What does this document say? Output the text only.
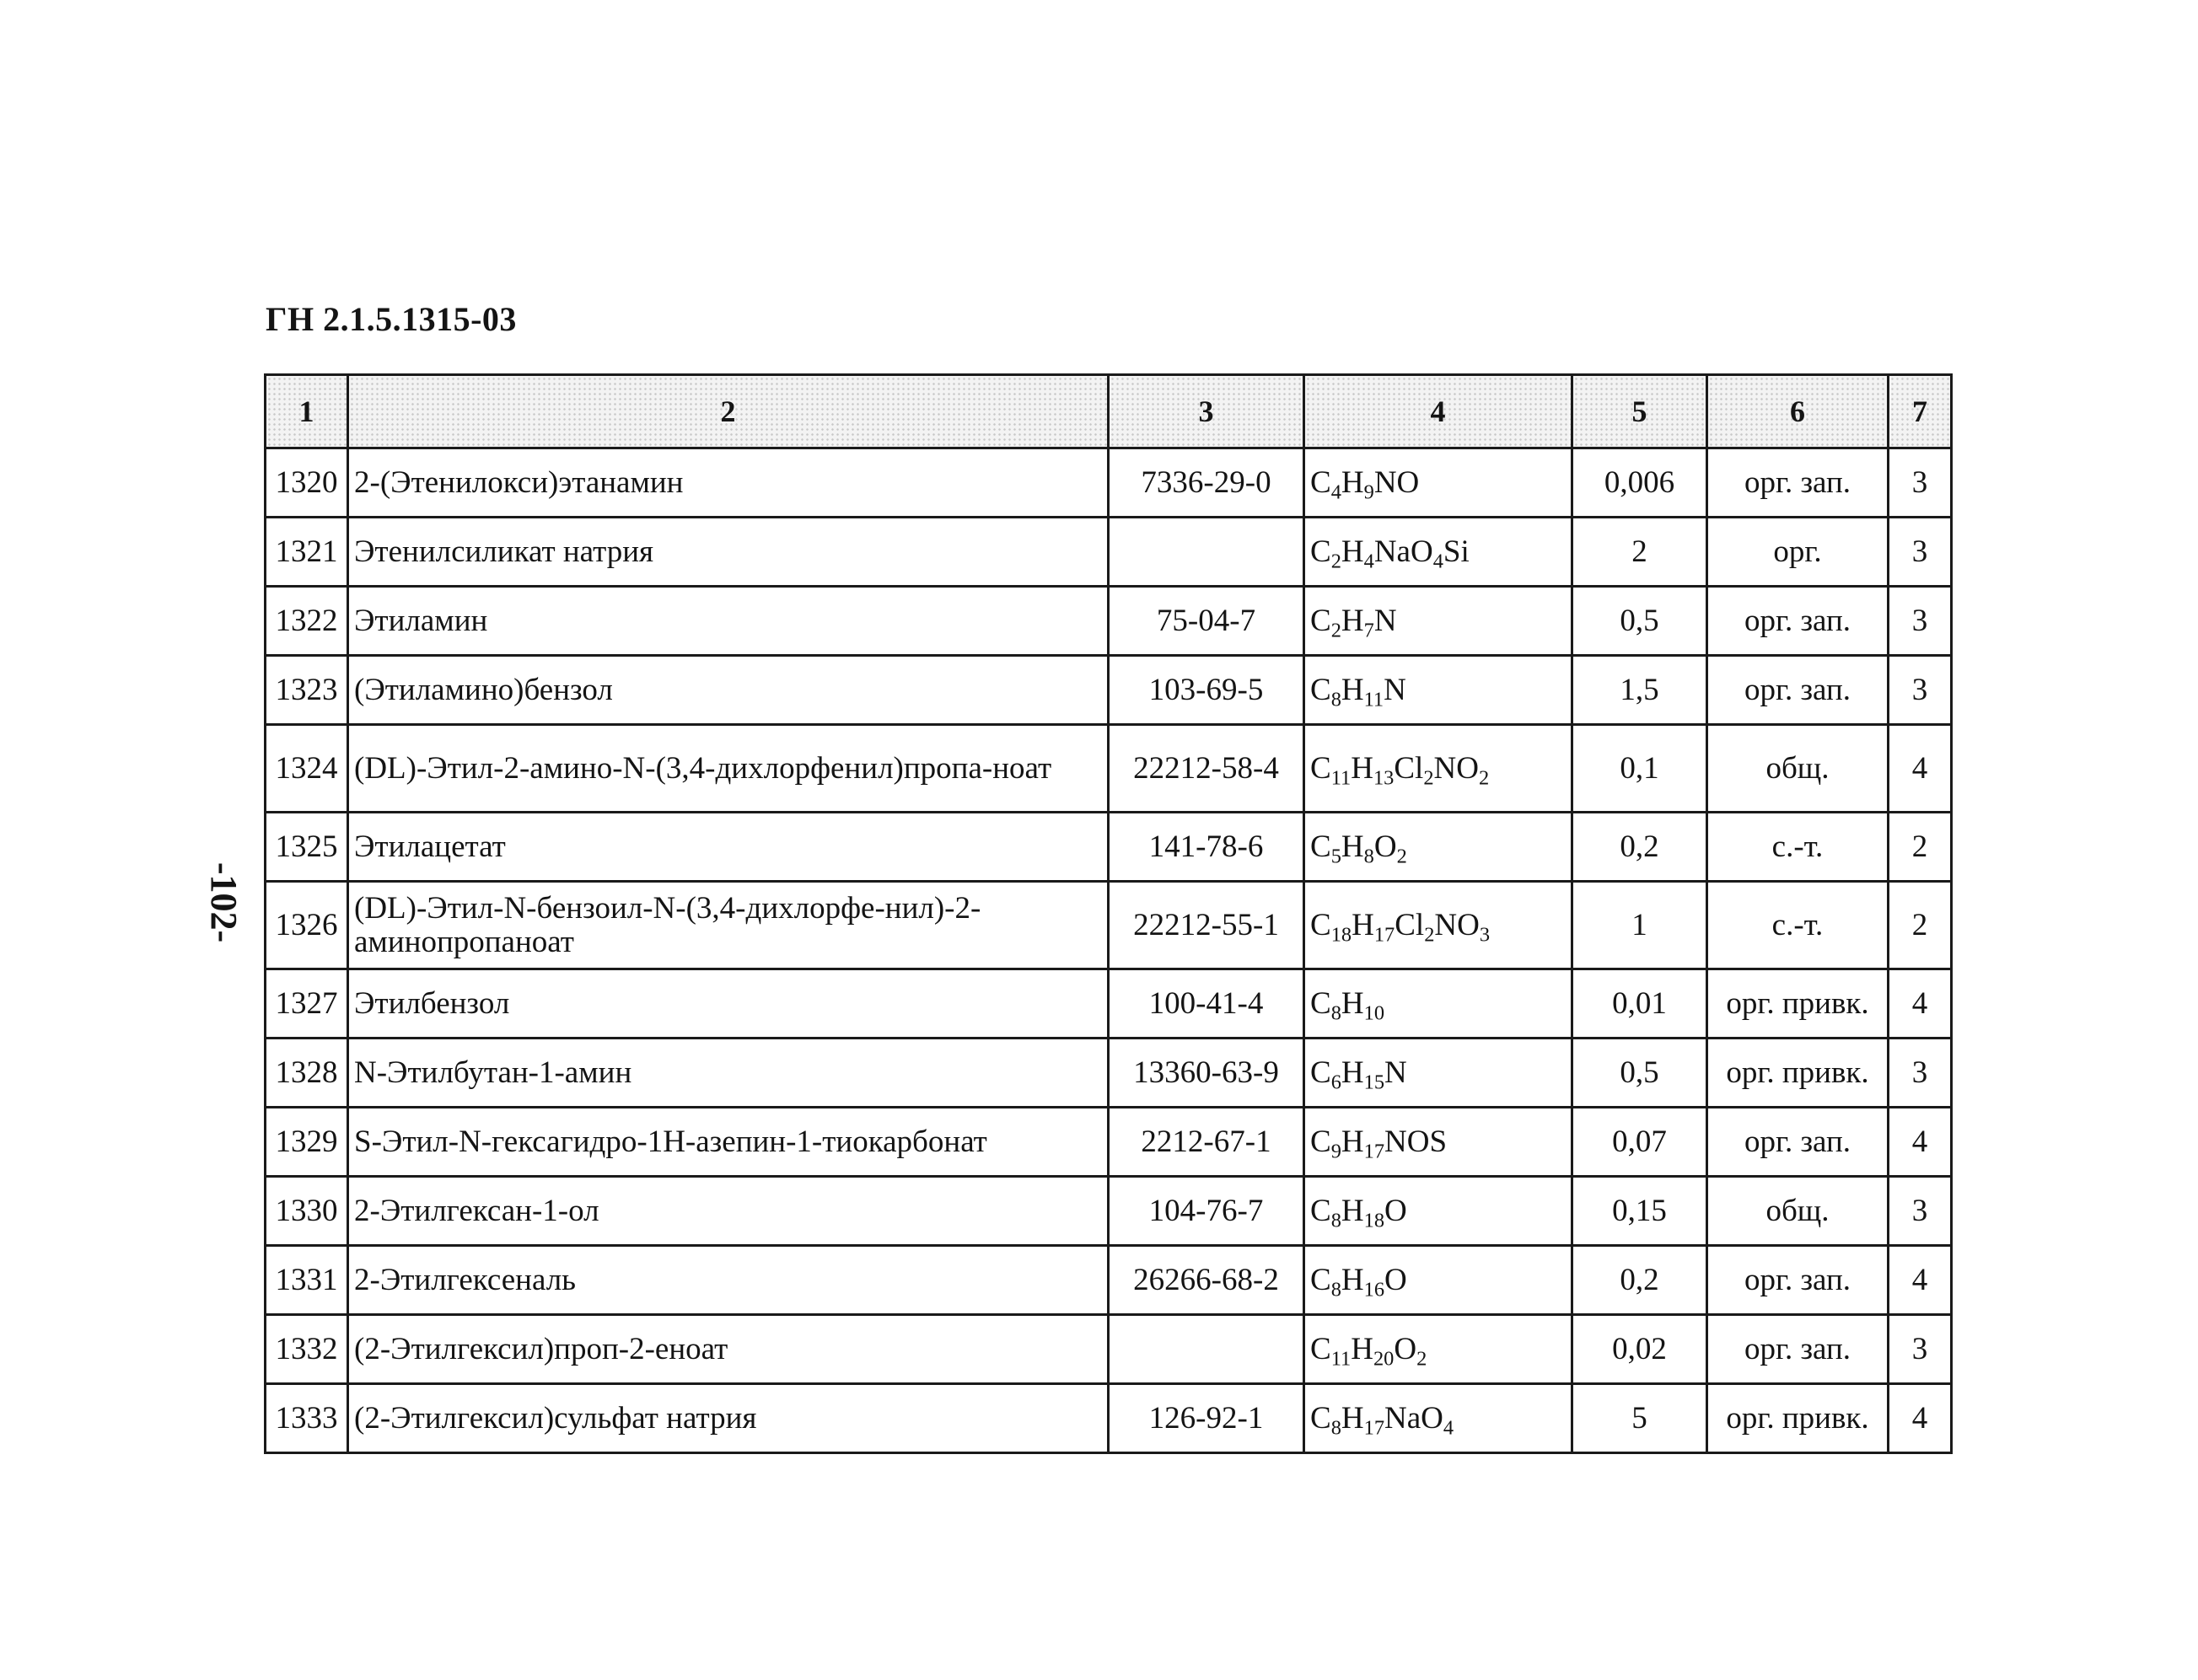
ГН 2.1.5.1315-03
-102-
1	2	3	4	5	6	7
1320	2-(Этенилокси)этанамин	7336-29-0	$C_4H_9NO$	0,006	орг. зап.	3
1321	Этенилсиликат натрия		$C_2H_4NaO_4Si$	2	орг.	3
1322	Этиламин	75-04-7	$C_2H_7N$	0,5	орг. зап.	3
1323	(Этиламино)бензол	103-69-5	$C_8H_{11}N$	1,5	орг. зап.	3
1324	(DL)-Этил-2-амино-N-(3,4-дихлорфенил)пропа-ноат	22212-58-4	$C_{11}H_{13}Cl_2NO_2$	0,1	общ.	4
1325	Этилацетат	141-78-6	$C_5H_8O_2$	0,2	с.-т.	2
1326	(DL)-Этил-N-бензоил-N-(3,4-дихлорфе-нил)-2-аминопропаноат	22212-55-1	$C_{18}H_{17}Cl_2NO_3$	1	с.-т.	2
1327	Этилбензол	100-41-4	$C_8H_{10}$	0,01	орг. привк.	4
1328	N-Этилбутан-1-амин	13360-63-9	$C_6H_{15}N$	0,5	орг. привк.	3
1329	S-Этил-N-гексагидро-1H-азепин-1-тиокарбонат	2212-67-1	$C_9H_{17}NOS$	0,07	орг. зап.	4
1330	2-Этилгексан-1-ол	104-76-7	$C_8H_{18}O$	0,15	общ.	3
1331	2-Этилгексеналь	26266-68-2	$C_8H_{16}O$	0,2	орг. зап.	4
1332	(2-Этилгексил)проп-2-еноат		$C_{11}H_{20}O_2$	0,02	орг. зап.	3
1333	(2-Этилгексил)сульфат натрия	126-92-1	$C_8H_{17}NaO_4$	5	орг. привк.	4
